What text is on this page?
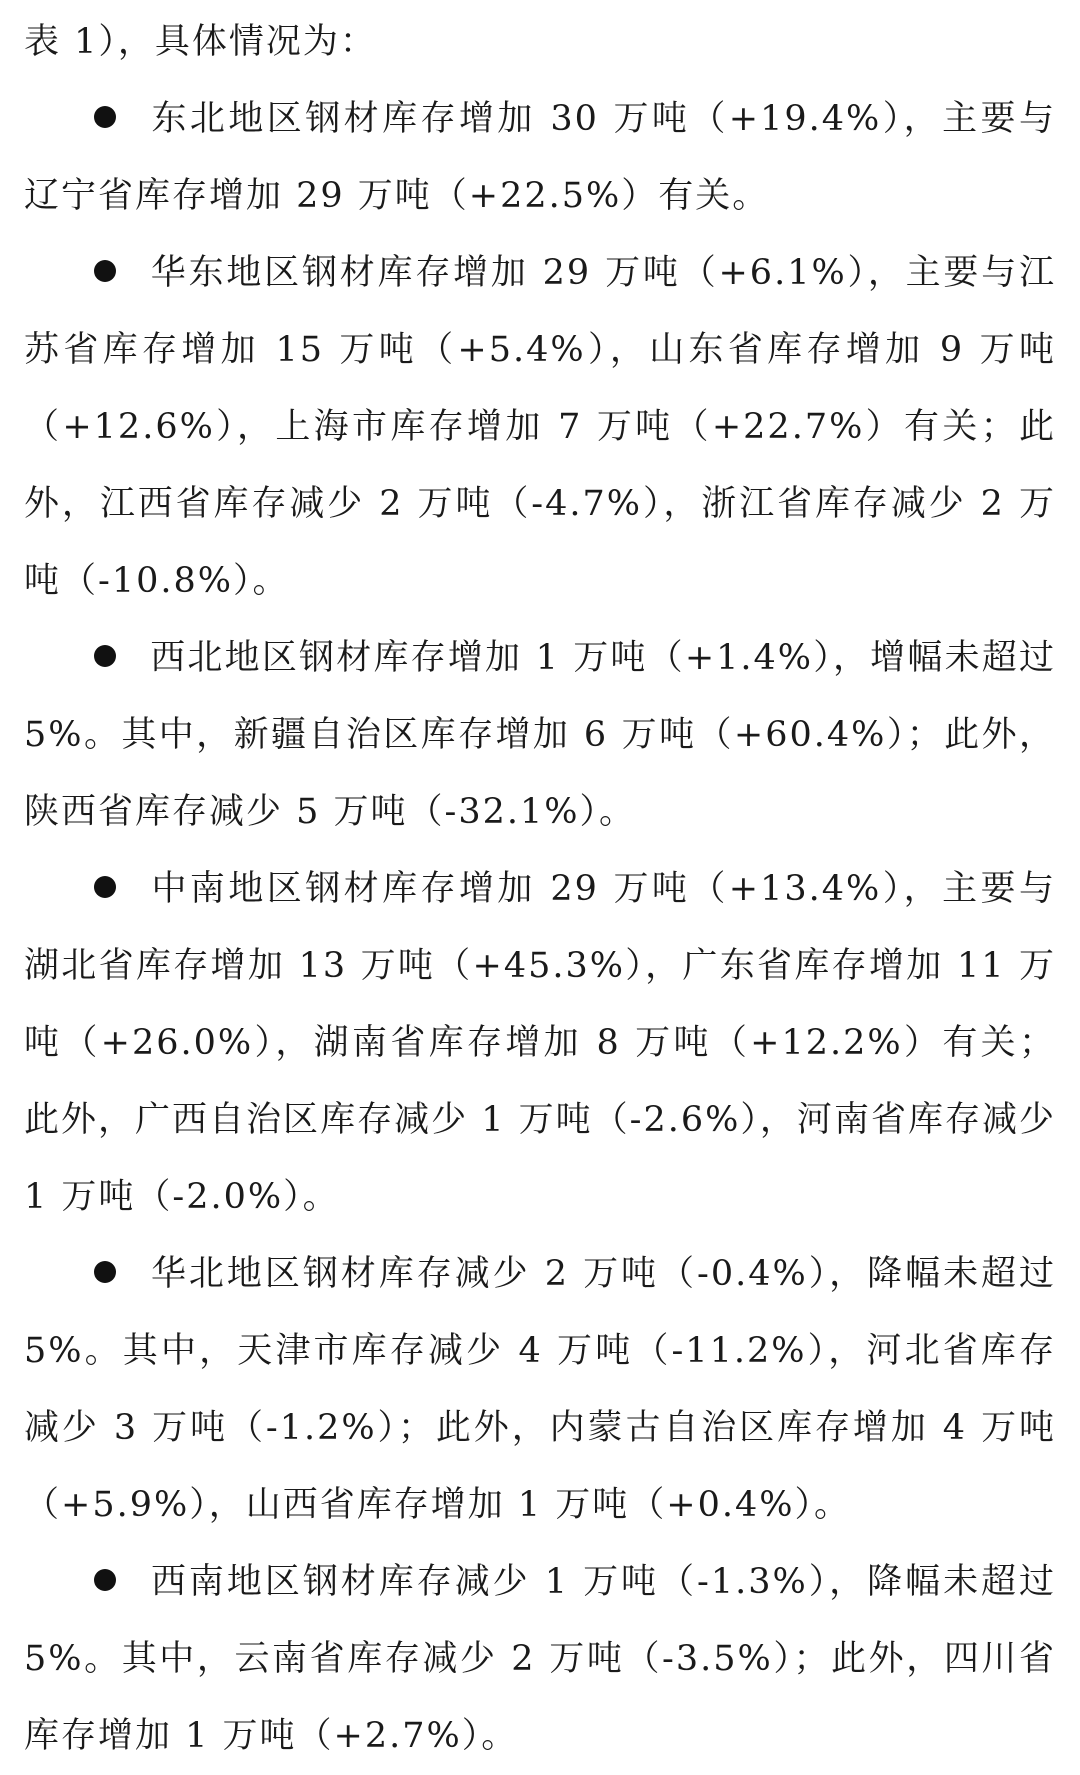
表 1），具体情况为：

东北地区钢材库存增加 30 万吨（+19.4%），主要与辽宁省库存增加 29 万吨（+22.5%）有关。

华东地区钢材库存增加 29 万吨（+6.1%），主要与江苏省库存增加 15 万吨（+5.4%），山东省库存增加 9 万吨（+12.6%），上海市库存增加 7 万吨（+22.7%）有关；此外，江西省库存减少 2 万吨（-4.7%），浙江省库存减少 2 万吨（-10.8%）。

西北地区钢材库存增加 1 万吨（+1.4%），增幅未超过 5%。其中，新疆自治区库存增加 6 万吨（+60.4%）；此外，陕西省库存减少 5 万吨（-32.1%）。

中南地区钢材库存增加 29 万吨（+13.4%），主要与湖北省库存增加 13 万吨（+45.3%），广东省库存增加 11 万吨（+26.0%），湖南省库存增加 8 万吨（+12.2%）有关；此外，广西自治区库存减少 1 万吨（-2.6%），河南省库存减少 1 万吨（-2.0%）。

华北地区钢材库存减少 2 万吨（-0.4%），降幅未超过 5%。其中，天津市库存减少 4 万吨（-11.2%），河北省库存减少 3 万吨（-1.2%）；此外，内蒙古自治区库存增加 4 万吨（+5.9%），山西省库存增加 1 万吨（+0.4%）。

西南地区钢材库存减少 1 万吨（-1.3%），降幅未超过 5%。其中，云南省库存减少 2 万吨（-3.5%）；此外，四川省库存增加 1 万吨（+2.7%）。
